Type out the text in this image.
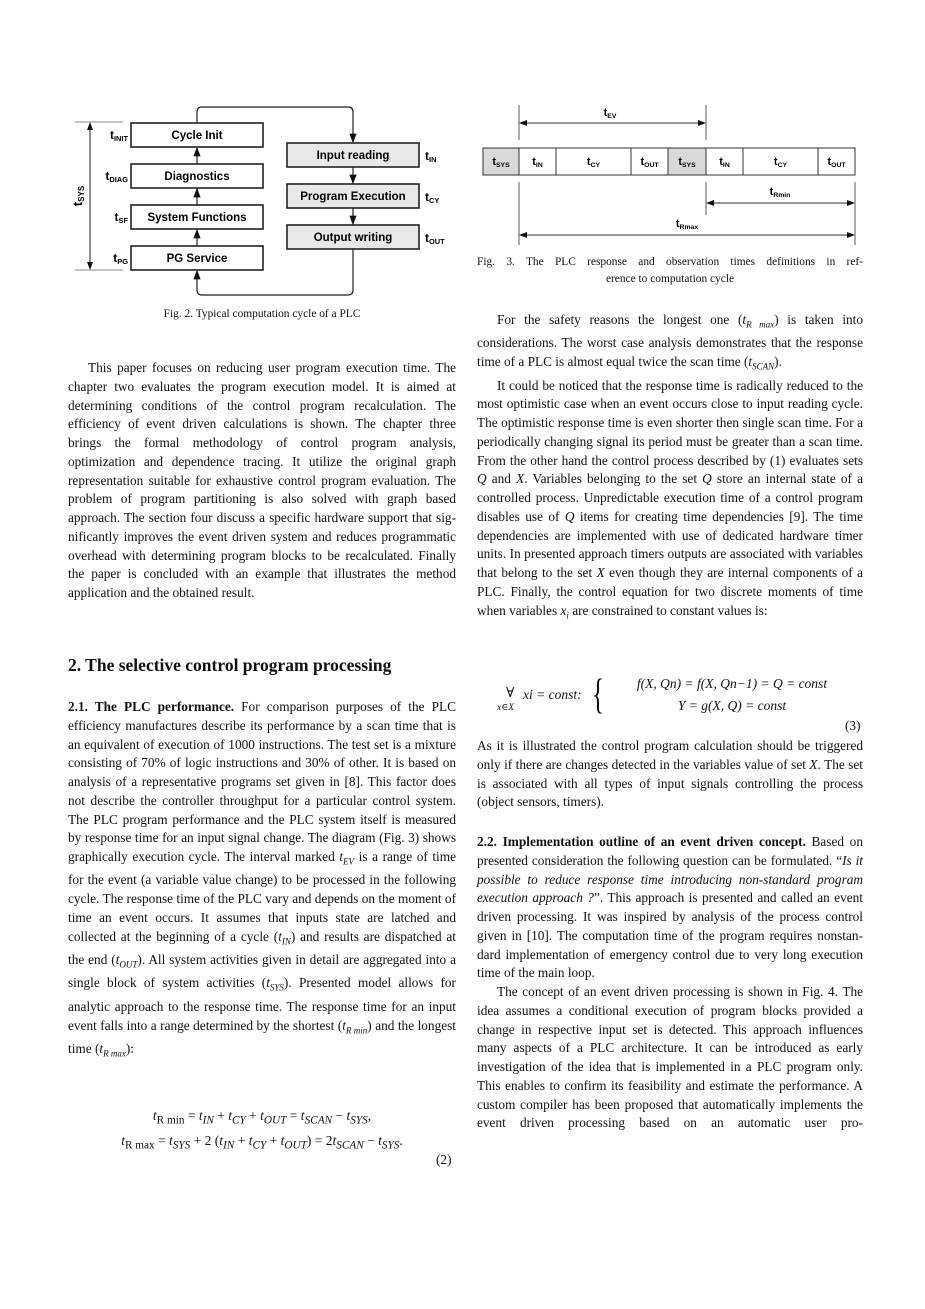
Cycle Init
tINIT
Diagnostics
tDIAG
System Functions
tSF
PG Service
tPG
Input reading	tIN
Program Execution tCY
Output writing	tOUT
tSYS
tSYS tIN	tCY	tOUT tSYS tIN	tCY	tOUT
tEV
tRmin
tRmax
Fig. 2. Typical computation cycle of a PLC
Fig. 3. The PLC response and observation times definitions in ref-
erence to computation cycle

This paper focuses on reducing user program execution time. The chapter two evaluates the program execution model. It is aimed at determining conditions of the control program recalculation. The efficiency of event driven calculations is shown. The chapter three brings the formal methodology of control program analysis, optimization and dependence tracing. It utilize the original graph representation suitable for exhaustive control program evaluation. The problem of program partitioning is also solved with graph based approach. The section four discuss a specific hardware support that significantly improves the event driven system and reduces programmatic overhead with determining program blocks to be recalculated. Finally the paper is concluded with an example that illustrates the method application and the obtained result.

2. The selective control program processing

2.1. The PLC performance. For comparison purposes of the PLC efficiency manufactures describe its performance by a scan time that is an equivalent of execution of 1000 instructions. The test set is a mixture consisting of 70% of logic instructions and 30% of other. It is based on analysis of a representative programs set given in [8]. This factor does not describe the controller throughput for a particular control system. The PLC program performance and the PLC system itself is measured by response time for an input signal change. The diagram (Fig. 3) shows graphically execution cycle. The interval marked $t_{EV}$ is a range of time for the event (a variable value change) to be processed in the following cycle. The response time of the PLC vary and depends on the moment of time an event occurs. It assumes that inputs state are latched and collected at the beginning of a cycle $(t_{IN})$ and results are dispatched at the end $(t_{OUT})$. All system activities given in detail are aggregated into a single block of system activities $(t_{SYS})$. Presented model allows for analytic approach to the response time. The response time for an input event falls into a range determined by the shortest $(t_{R min})$ and the longest time $(t_{R max})$:

$t_{R min} = t_{IN} + t_{CY} + t_{OUT} = t_{SCAN} - t_{SYS}$,
$t_{R max} = t_{SYS} + 2$ $(t_{IN} + t_{CY} + t_{OUT}) = 2t_{SCAN} - t_{SYS}$.
(2)

For the safety reasons the longest one $(t_{R max})$ is taken into considerations. The worst case analysis demonstrates that the response time of a PLC is almost equal twice the scan time $(t_{SCAN})$.

It could be noticed that the response time is radically reduced to the most optimistic case when an event occurs close to input reading cycle. The optimistic response time is even shorter then single scan time. For a periodically changing signal its period must be greater than a scan time. From the other hand the control process described by (1) evaluates sets Q and X. Variables belonging to the set Q store an internal state of a controlled process. Unpredictable execution time of a control program disables use of Q items for creating time dependencies [9]. The time dependencies are implemented with use of dedicated hardware timer units. In presented approach timers outputs are associated with variables that belong to the set X even though they are internal components of a PLC. Finally, the control equation for two discrete moments of time when variables $x_i$ are constrained to constant values is:

∀
x∈X
xi = const: {	f(X, Qn) = f(X, Qn−1) = Q = const
Y = g(X, Q) = const
(3)

As it is illustrated the control program calculation should be triggered only if there are changes detected in the variables value of set X. The set is associated with all types of input signals controlling the process (object sensors, timers).

2.2. Implementation outline of an event driven concept. Based on presented consideration the following question can be formulated. “Is it possible to reduce response time introducing non-standard program execution approach ?”. This approach is presented and called an event driven processing. It was inspired by analysis of the process control given in [10]. The computation time of the program requires nonstandard implementation of emergency control due to very long execution time of the main loop.

The concept of an event driven processing is shown in Fig. 4. The idea assumes a conditional execution of program blocks provided a change in respective input set is detected. This approach influences many aspects of a PLC architecture. It can be introduced as early investigation of the idea that is implemented in a PLC program only. This enables to confirm its feasibility and estimate the performance. A custom compiler has been proposed that automatically implements the event driven processing based on an automatic user pro-
